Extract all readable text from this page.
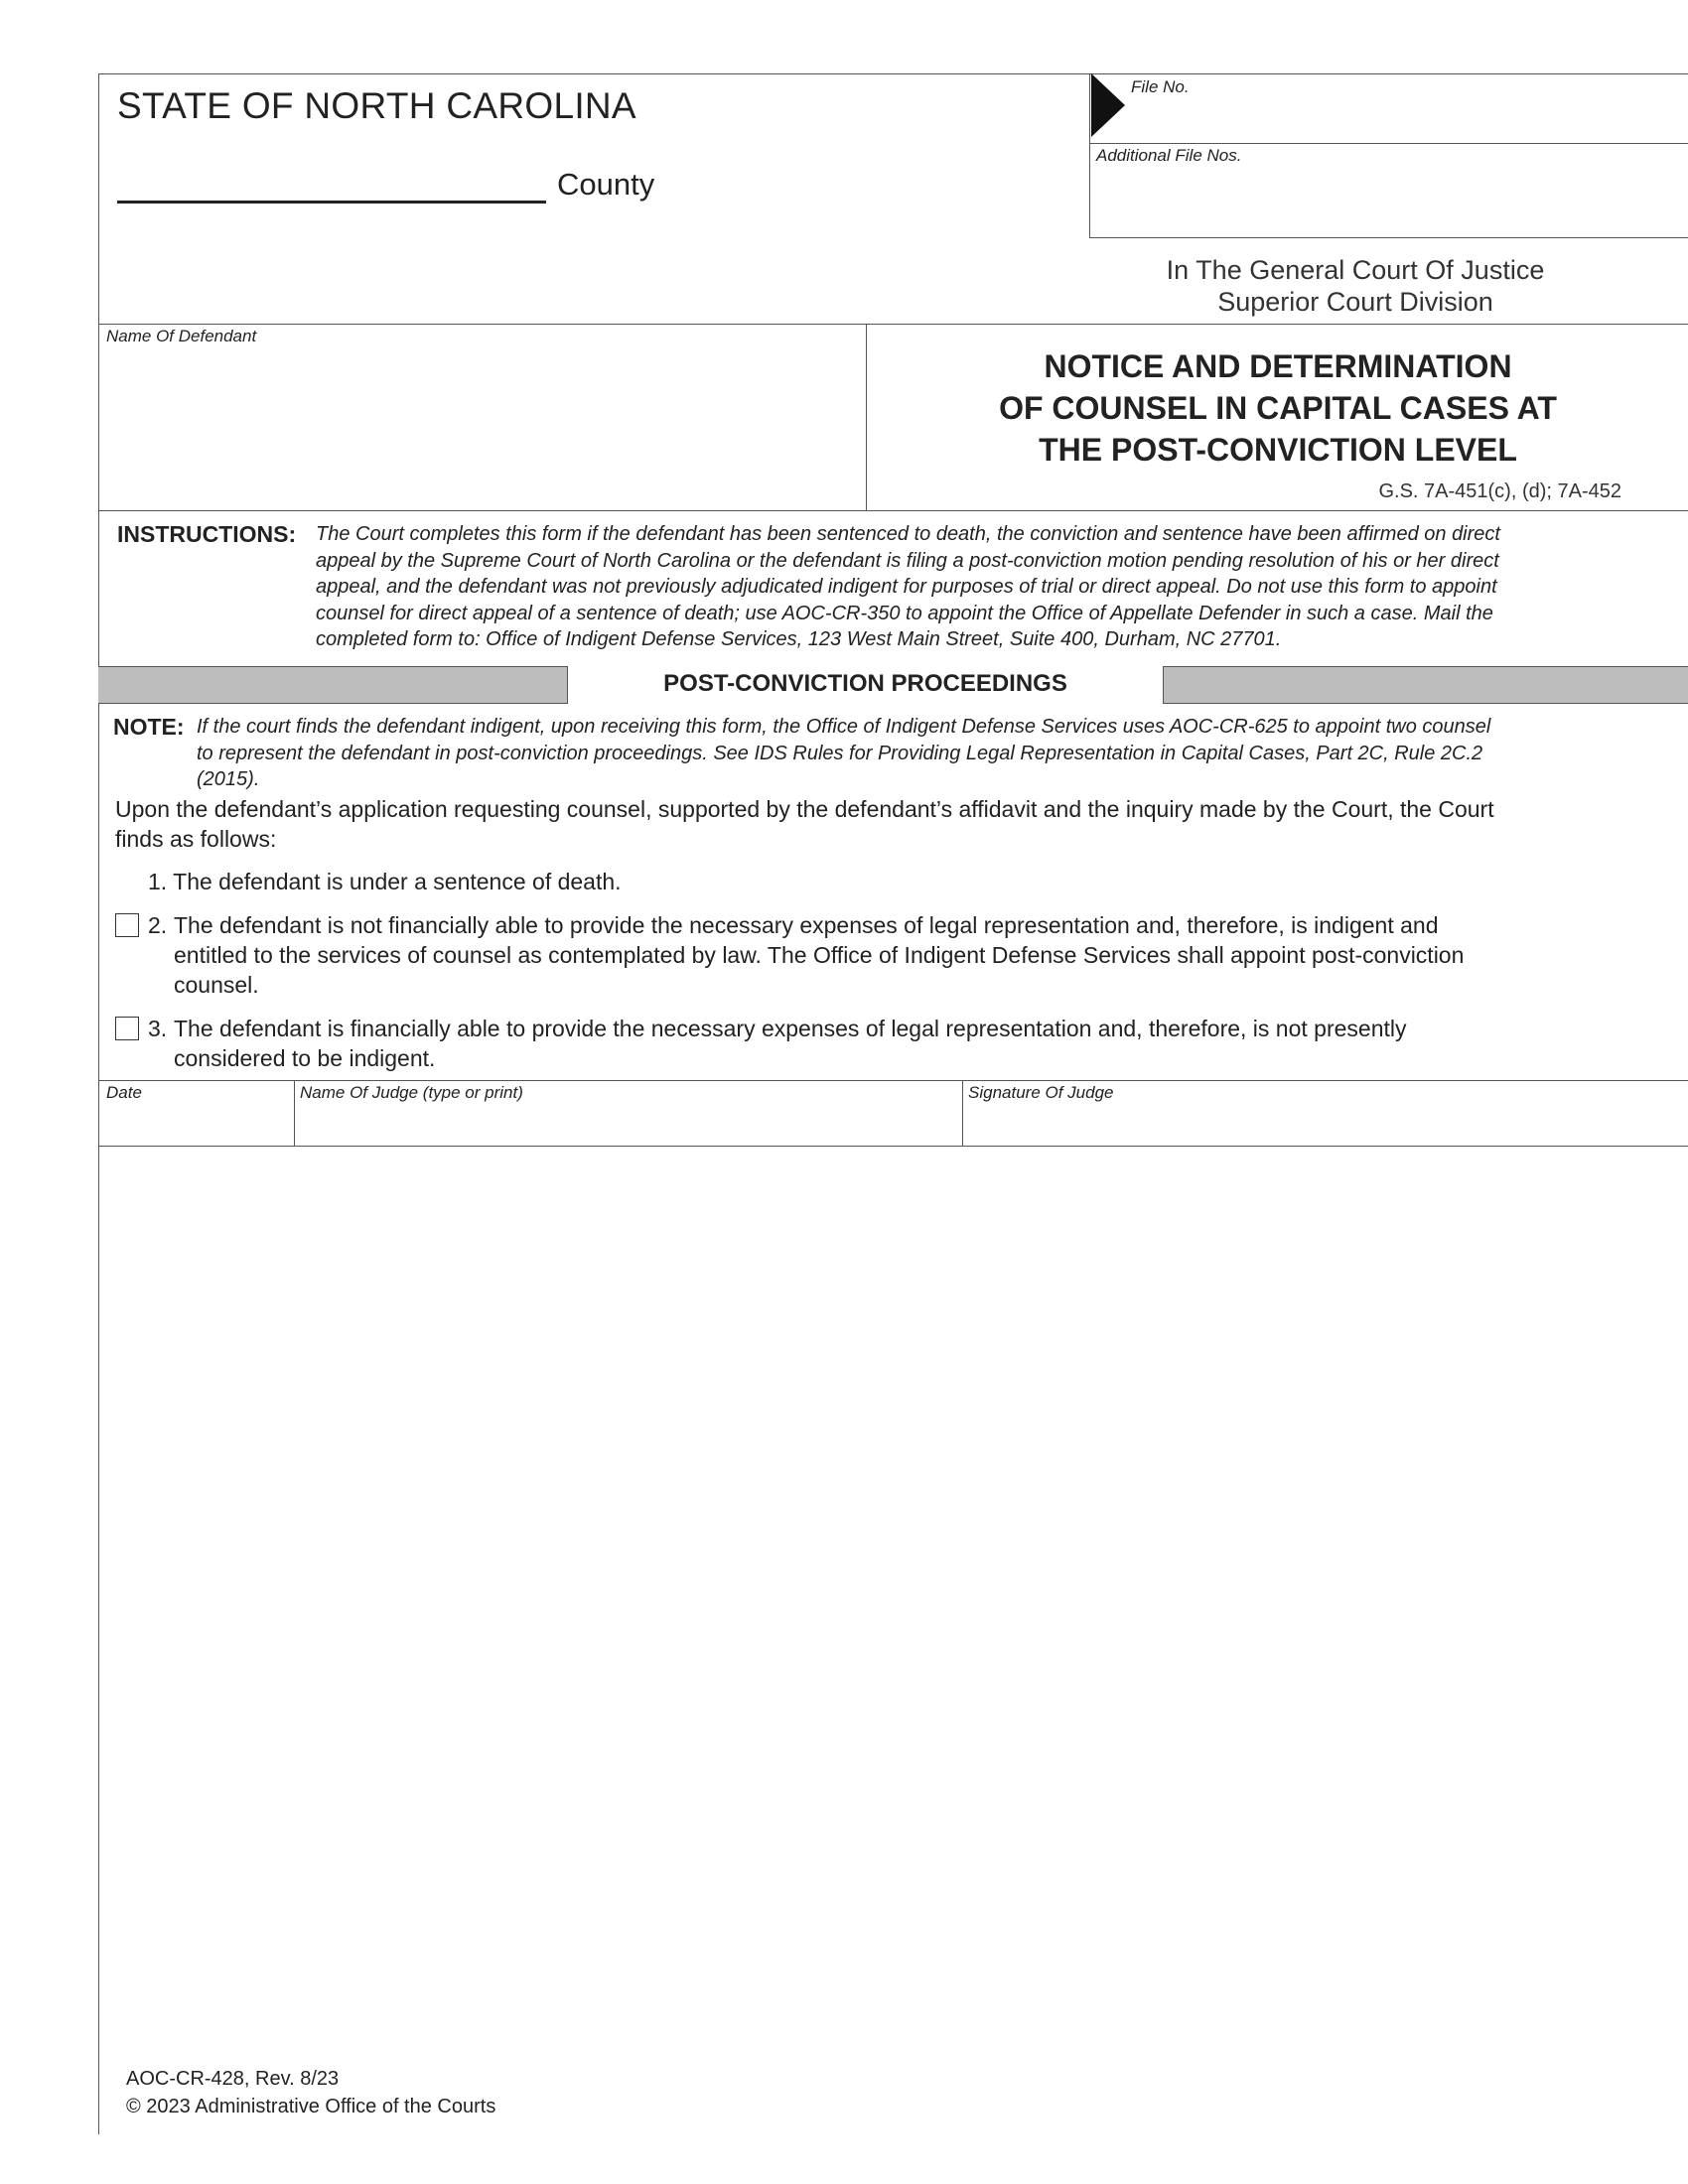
STATE OF NORTH CAROLINA
County
File No.
Additional File Nos.
In The General Court Of Justice
Superior Court Division
Name Of Defendant
NOTICE AND DETERMINATION
OF COUNSEL IN CAPITAL CASES AT
THE POST-CONVICTION LEVEL
G.S. 7A-451(c), (d); 7A-452
INSTRUCTIONS: The Court completes this form if the defendant has been sentenced to death, the conviction and sentence have been affirmed on direct
appeal by the Supreme Court of North Carolina or the defendant is filing a post-conviction motion pending resolution of his or her direct
appeal, and the defendant was not previously adjudicated indigent for purposes of trial or direct appeal. Do not use this form to appoint
counsel for direct appeal of a sentence of death; use AOC-CR-350 to appoint the Office of Appellate Defender in such a case. Mail the
completed form to: Office of Indigent Defense Services, 123 West Main Street, Suite 400, Durham, NC 27701.
POST-CONVICTION PROCEEDINGS
NOTE: If the court finds the defendant indigent, upon receiving this form, the Office of Indigent Defense Services uses AOC-CR-625 to appoint two counsel
to represent the defendant in post-conviction proceedings. See IDS Rules for Providing Legal Representation in Capital Cases, Part 2C, Rule 2C.2
(2015).
Upon the defendant’s application requesting counsel, supported by the defendant’s affidavit and the inquiry made by the Court, the Court
finds as follows:
1. The defendant is under a sentence of death.
2. The defendant is not financially able to provide the necessary expenses of legal representation and, therefore, is indigent and
entitled to the services of counsel as contemplated by law. The Office of Indigent Defense Services shall appoint post-conviction
counsel.
3. The defendant is financially able to provide the necessary expenses of legal representation and, therefore, is not presently
considered to be indigent.
Date	Name Of Judge (type or print)	Signature Of Judge
AOC-CR-428, Rev. 8/23
© 2023 Administrative Office of the Courts
